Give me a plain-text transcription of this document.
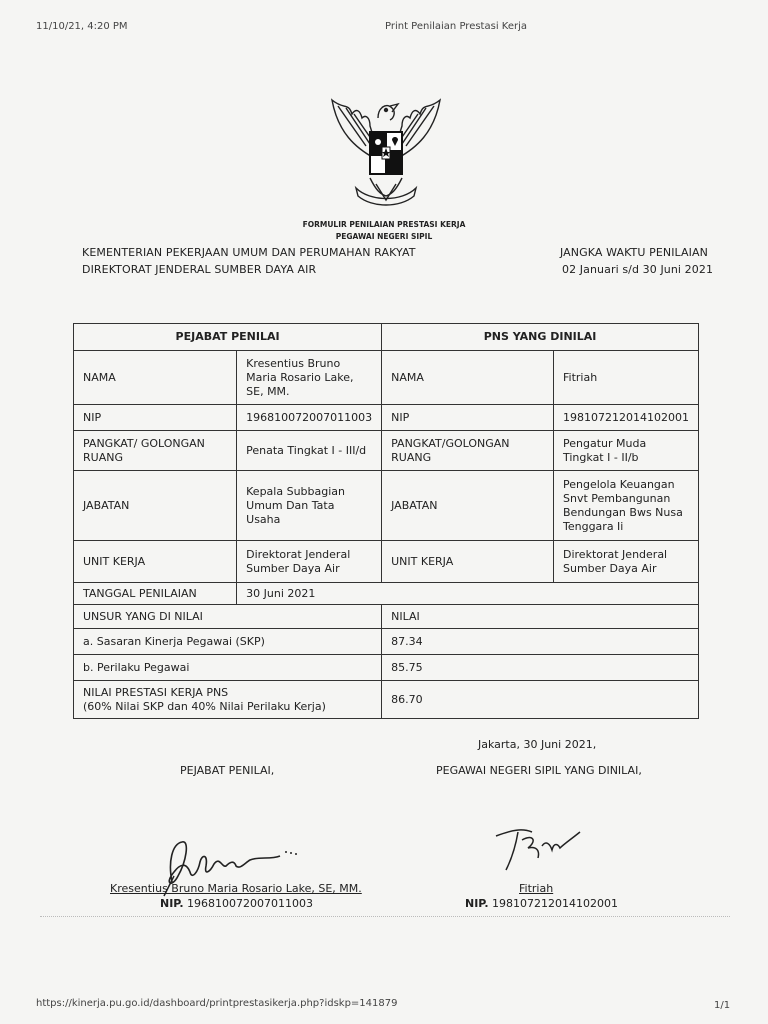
11/10/21, 4:20 PM	Print Penilaian Prestasi Kerja
FORMULIR PENILAIAN PRESTASI KERJA
PEGAWAI NEGERI SIPIL
KEMENTERIAN PEKERJAAN UMUM DAN PERUMAHAN RAKYAT
DIREKTORAT JENDERAL SUMBER DAYA AIR
JANGKA WAKTU PENILAIAN
02 Januari s/d 30 Juni 2021
PEJABAT PENILAI		PNS YANG DINILAI	
NAMA	Kresentius Bruno Maria Rosario Lake, SE, MM.	NAMA	Fitriah
NIP	196810072007011003	NIP	198107212014102001
PANGKAT/ GOLONGAN RUANG	Penata Tingkat I - III/d	PANGKAT/GOLONGAN RUANG	Pengatur Muda Tingkat I - II/b
JABATAN	Kepala Subbagian Umum Dan Tata Usaha	JABATAN	Pengelola Keuangan Snvt Pembangunan Bendungan Bws Nusa Tenggara Ii
UNIT KERJA	Direktorat Jenderal Sumber Daya Air	UNIT KERJA	Direktorat Jenderal Sumber Daya Air
TANGGAL PENILAIAN	30 Juni 2021		
UNSUR YANG DI NILAI		NILAI	
a. Sasaran Kinerja Pegawai (SKP)		87.34	
b. Perilaku Pegawai		85.75	

NILAI PRESTASI KERJA PNS
(60% Nilai SKP dan 40% Nilai Perilaku Kerja)		86.70	
Jakarta, 30 Juni 2021,
PEJABAT PENILAI,	PEGAWAI NEGERI SIPIL YANG DINILAI,
Kresentius Bruno Maria Rosario Lake, SE, MM.
NIP. 196810072007011003
Fitriah
NIP. 198107212014102001
https://kinerja.pu.go.id/dashboard/printprestasikerja.php?idskp=141879	1/1
